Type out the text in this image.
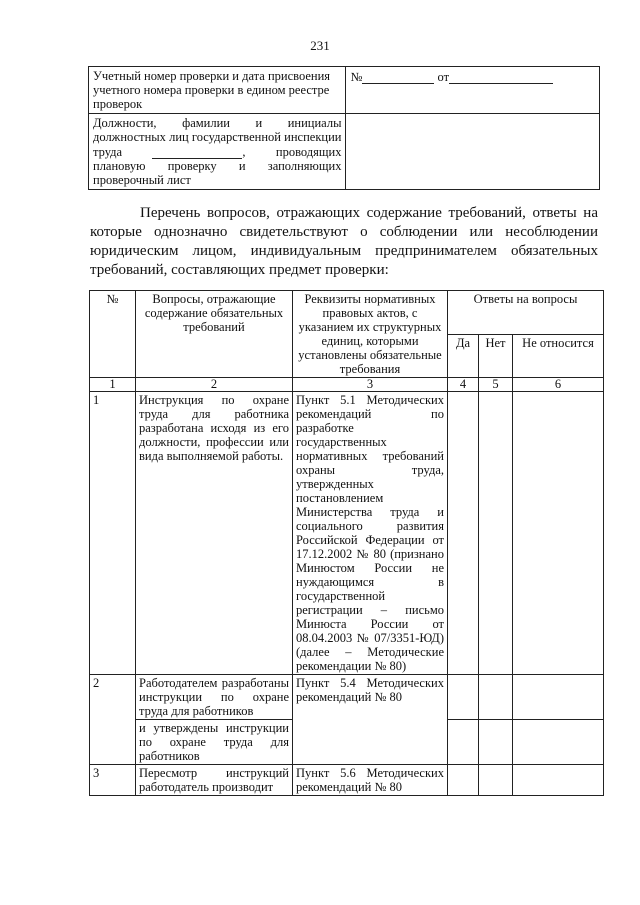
231
Учетный номер проверки и дата присвоения учетного номера проверки в едином реестре проверок	№ от
Должности, фамилии и инициалы должностных лиц государственной инспекции труда , проводящих плановую проверку и заполняющих проверочный лист	

Перечень вопросов, отражающих содержание требований, ответы на которые однозначно свидетельствуют о соблюдении или несоблюдении юридическим лицом, индивидуальным предпринимателем обязательных требований, составляющих предмет проверки:

№	Вопросы, отражающие содержание обязательных требований	Реквизиты нормативных правовых актов, с указанием их структурных единиц, которыми установлены обязательные требования	Ответы на вопросы		
			Да	Нет	Не относится
1	2	3	4	5	6
1	Инструкция по охране труда для работника разработана исходя из его должности, профессии или вида выполняемой работы.	Пункт 5.1 Методических рекомендаций по разработке государственных нормативных требований охраны труда, утвержденных постановлением Министерства труда и социального развития Российской Федерации от 17.12.2002 № 80 (признано Минюстом России не нуждающимся в государственной регистрации – письмо Минюста России от 08.04.2003 № 07/3351-ЮД) (далее – Методические рекомендации № 80)			
2	Работодателем разработаны инструкции по охране труда для работников	Пункт 5.4 Методических рекомендаций № 80			
	и утверждены инструкции по охране труда для работников				
3	Пересмотр инструкций работодатель производит	Пункт 5.6 Методических рекомендаций № 80			
